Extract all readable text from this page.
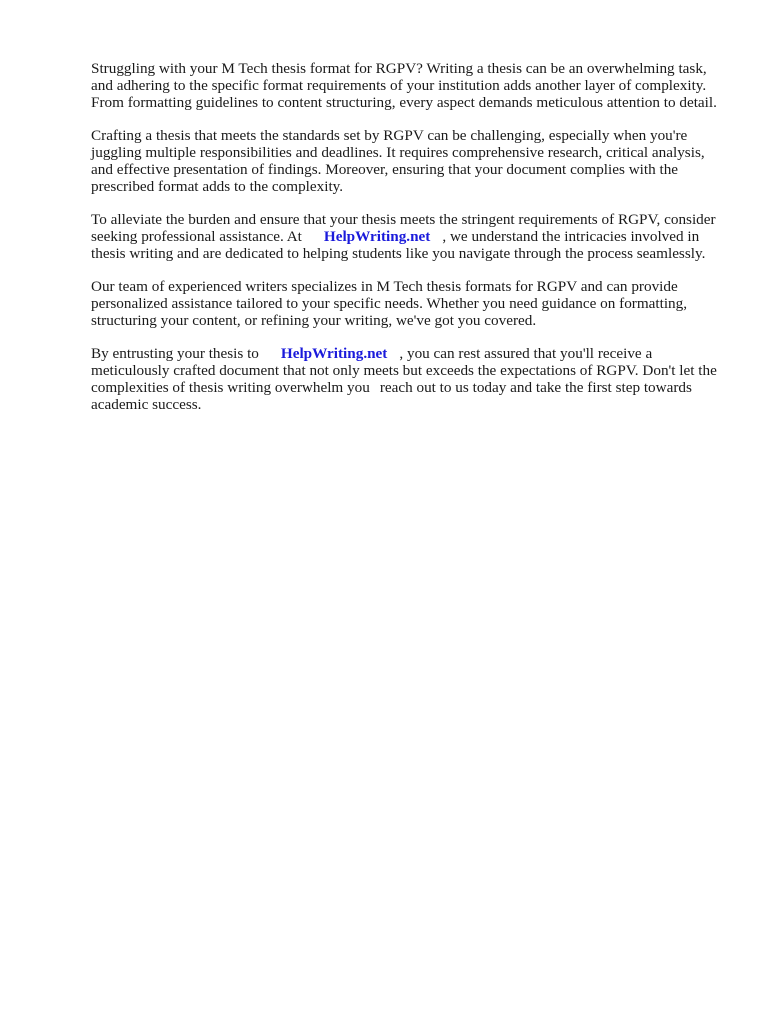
Struggling with your M Tech thesis format for RGPV? Writing a thesis can be an overwhelming task, and adhering to the specific format requirements of your institution adds another layer of complexity. From formatting guidelines to content structuring, every aspect demands meticulous attention to detail.

Crafting a thesis that meets the standards set by RGPV can be challenging, especially when you're juggling multiple responsibilities and deadlines. It requires comprehensive research, critical analysis, and effective presentation of findings. Moreover, ensuring that your document complies with the prescribed format adds to the complexity.

To alleviate the burden and ensure that your thesis meets the stringent requirements of RGPV, consider seeking professional assistance. At HelpWriting.net , we understand the intricacies involved in thesis writing and are dedicated to helping students like you navigate through the process seamlessly.

Our team of experienced writers specializes in M Tech thesis formats for RGPV and can provide personalized assistance tailored to your specific needs. Whether you need guidance on formatting, structuring your content, or refining your writing, we've got you covered.

By entrusting your thesis to HelpWriting.net , you can rest assured that you'll receive a meticulously crafted document that not only meets but exceeds the expectations of RGPV. Don't let the complexities of thesis writing overwhelm you reach out to us today and take the first step towards academic success.
